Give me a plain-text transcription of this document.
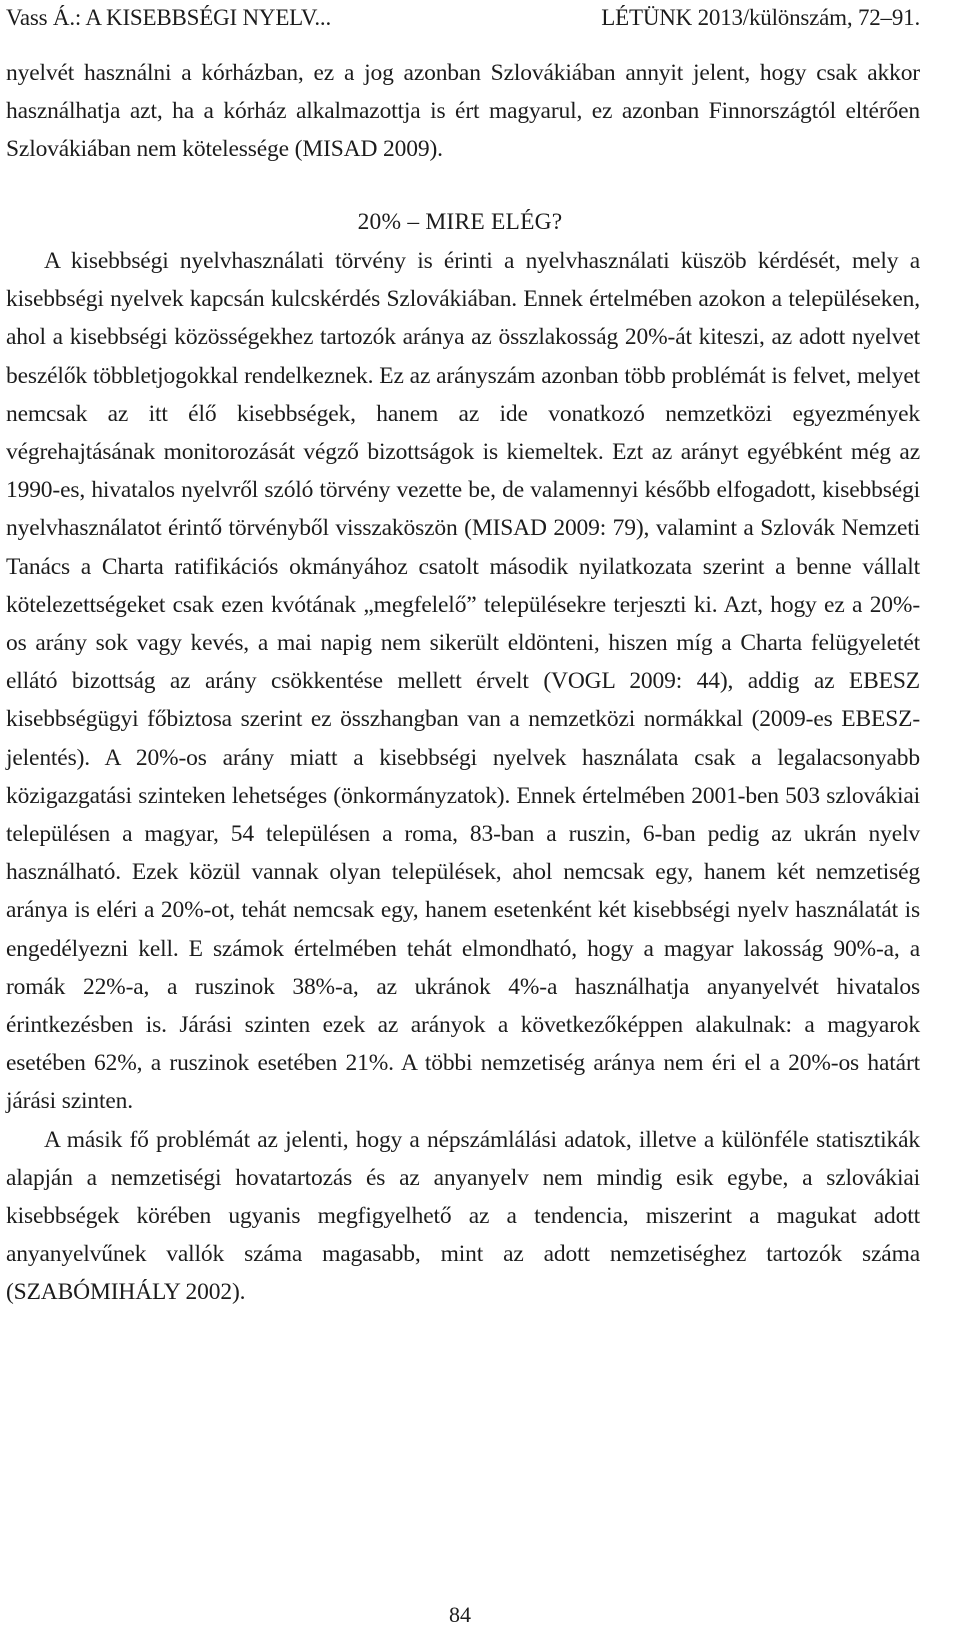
Vass Á.: A KISEBBSÉGI NYELV...	LÉTÜNK 2013/különszám, 72–91.

nyelvét használni a kórházban, ez a jog azonban Szlovákiában annyit jelent, hogy csak akkor használhatja azt, ha a kórház alkalmazottja is ért magyarul, ez azonban Finnországtól eltérően Szlovákiában nem kötelessége (MISAD 2009).

20% – MIRE ELÉG?

A kisebbségi nyelvhasználati törvény is érinti a nyelvhasználati küszöb kérdését, mely a kisebbségi nyelvek kapcsán kulcskérdés Szlovákiában. Ennek értelmében azokon a településeken, ahol a kisebbségi közösségekhez tartozók aránya az összlakosság 20%-át kiteszi, az adott nyelvet beszélők többletjogokkal rendelkeznek. Ez az arányszám azonban több problémát is felvet, melyet nemcsak az itt élő kisebbségek, hanem az ide vonatkozó nemzetközi egyezmények végrehajtásának monitorozását végző bizottságok is kiemeltek. Ezt az arányt egyébként még az 1990-es, hivatalos nyelvről szóló törvény vezette be, de valamennyi később elfogadott, kisebbségi nyelvhasználatot érintő törvényből visszaköszön (MISAD 2009: 79), valamint a Szlovák Nemzeti Tanács a Charta ratifikációs okmányához csatolt második nyilatkozata szerint a benne vállalt kötelezettségeket csak ezen kvótának „megfelelő” településekre terjeszti ki. Azt, hogy ez a 20%-os arány sok vagy kevés, a mai napig nem sikerült eldönteni, hiszen míg a Charta felügyeletét ellátó bizottság az arány csökkentése mellett érvelt (VOGL 2009: 44), addig az EBESZ kisebbségügyi főbiztosa szerint ez összhangban van a nemzetközi normákkal (2009-es EBESZ-jelentés). A 20%-os arány miatt a kisebbségi nyelvek használata csak a legalacsonyabb közigazgatási szinteken lehetséges (önkormányzatok). Ennek értelmében 2001-ben 503 szlovákiai településen a magyar, 54 településen a roma, 83-ban a ruszin, 6-ban pedig az ukrán nyelv használható. Ezek közül vannak olyan települések, ahol nemcsak egy, hanem két nemzetiség aránya is eléri a 20%-ot, tehát nemcsak egy, hanem esetenként két kisebbségi nyelv használatát is engedélyezni kell. E számok értelmében tehát elmondható, hogy a magyar lakosság 90%-a, a romák 22%-a, a ruszinok 38%-a, az ukránok 4%-a használhatja anyanyelvét hivatalos érintkezésben is. Járási szinten ezek az arányok a következőképpen alakulnak: a magyarok esetében 62%, a ruszinok esetében 21%. A többi nemzetiség aránya nem éri el a 20%-os határt járási szinten.

A másik fő problémát az jelenti, hogy a népszámlálási adatok, illetve a különféle statisztikák alapján a nemzetiségi hovatartozás és az anyanyelv nem mindig esik egybe, a szlovákiai kisebbségek körében ugyanis megfigyelhető az a tendencia, miszerint a magukat adott anyanyelvűnek vallók száma magasabb, mint az adott nemzetiséghez tartozók száma (SZABÓMIHÁLY 2002).

84
